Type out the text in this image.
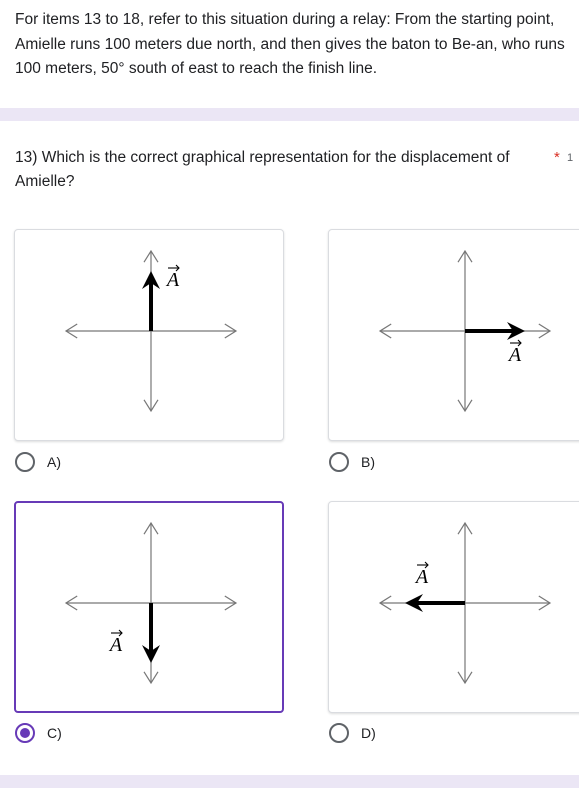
For items 13 to 18, refer to this situation during a relay: From the starting point,
Amielle runs 100 meters due north, and then gives the baton to Be-an, who runs
100 meters, 50° south of east to reach the finish line.
13) Which is the correct graphical representation for the displacement of
Amielle?
* 1
A
A)
A
B)
A
C)
A
D)
